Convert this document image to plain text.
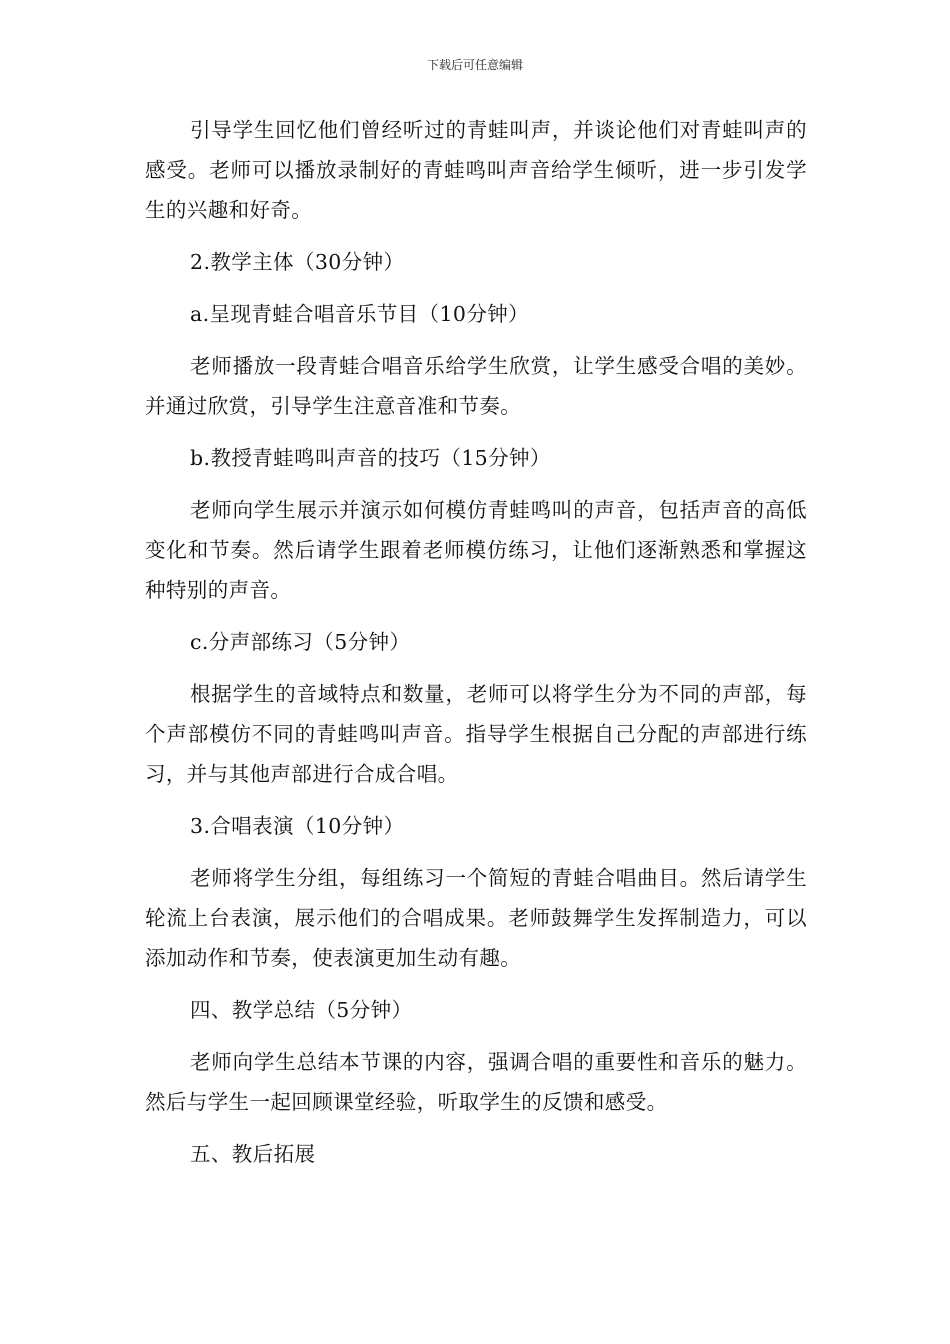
下载后可任意编辑

引导学生回忆他们曾经听过的青蛙叫声，并谈论他们对青蛙叫声的感受。老师可以播放录制好的青蛙鸣叫声音给学生倾听，进一步引发学生的兴趣和好奇。

2.教学主体（30分钟）

a.呈现青蛙合唱音乐节目（10分钟）

老师播放一段青蛙合唱音乐给学生欣赏，让学生感受合唱的美妙。并通过欣赏，引导学生注意音准和节奏。

b.教授青蛙鸣叫声音的技巧（15分钟）

老师向学生展示并演示如何模仿青蛙鸣叫的声音，包括声音的高低变化和节奏。然后请学生跟着老师模仿练习，让他们逐渐熟悉和掌握这种特别的声音。

c.分声部练习（5分钟）

根据学生的音域特点和数量，老师可以将学生分为不同的声部，每个声部模仿不同的青蛙鸣叫声音。指导学生根据自己分配的声部进行练习，并与其他声部进行合成合唱。

3.合唱表演（10分钟）

老师将学生分组，每组练习一个简短的青蛙合唱曲目。然后请学生轮流上台表演，展示他们的合唱成果。老师鼓舞学生发挥制造力，可以添加动作和节奏，使表演更加生动有趣。

四、教学总结（5分钟）

老师向学生总结本节课的内容，强调合唱的重要性和音乐的魅力。然后与学生一起回顾课堂经验，听取学生的反馈和感受。

五、教后拓展
